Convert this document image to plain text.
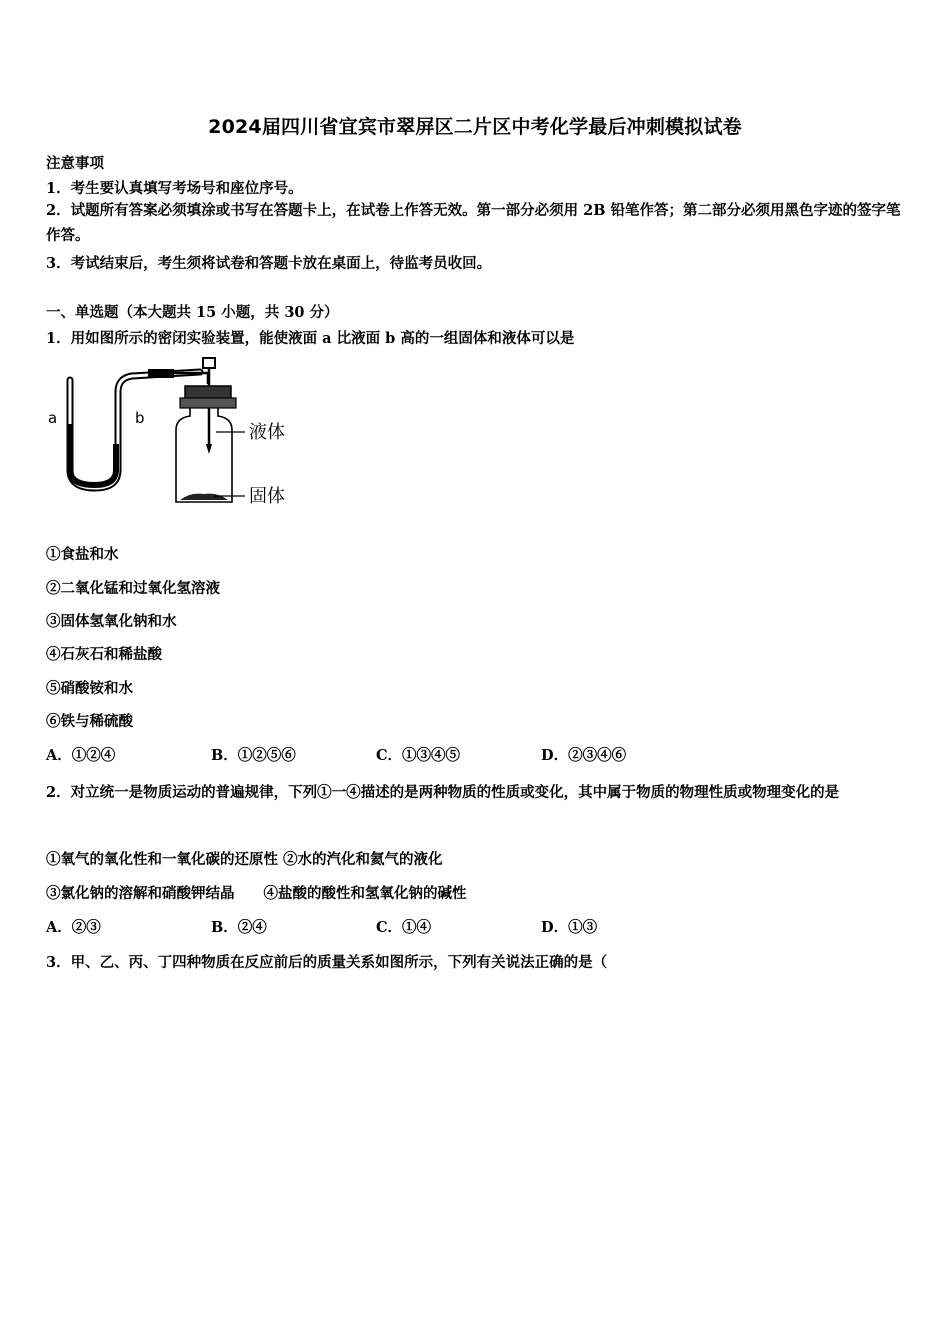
2024届四川省宜宾市翠屏区二片区中考化学最后冲刺模拟试卷
注意事项
1．考生要认真填写考场号和座位序号。
2．试题所有答案必须填涂或书写在答题卡上，在试卷上作答无效。第一部分必须用 2B 铅笔作答；第二部分必须用黑色字迹的签字笔作答。
3．考试结束后，考生须将试卷和答题卡放在桌面上，待监考员收回。
一、单选题（本大题共 15 小题，共 30 分）
1．用如图所示的密闭实验装置，能使液面 a 比液面 b 高的一组固体和液体可以是
a	b
液体
固体
①食盐和水
②二氧化锰和过氧化氢溶液
③固体氢氧化钠和水
④石灰石和稀盐酸
⑤硝酸铵和水
⑥铁与稀硫酸
A．①②④	B．①②⑤⑥	C．①③④⑤	D．②③④⑥
2．对立统一是物质运动的普遍规律，下列①一④描述的是两种物质的性质或变化，其中属于物质的物理性质或物理变化的是
①氧气的氧化性和一氧化碳的还原性 ②水的汽化和氦气的液化
③氯化钠的溶解和硝酸钾结晶　　④盐酸的酸性和氢氧化钠的碱性
A．②③	B．②④	C．①④	D．①③
3．甲、乙、丙、丁四种物质在反应前后的质量关系如图所示，下列有关说法正确的是（
